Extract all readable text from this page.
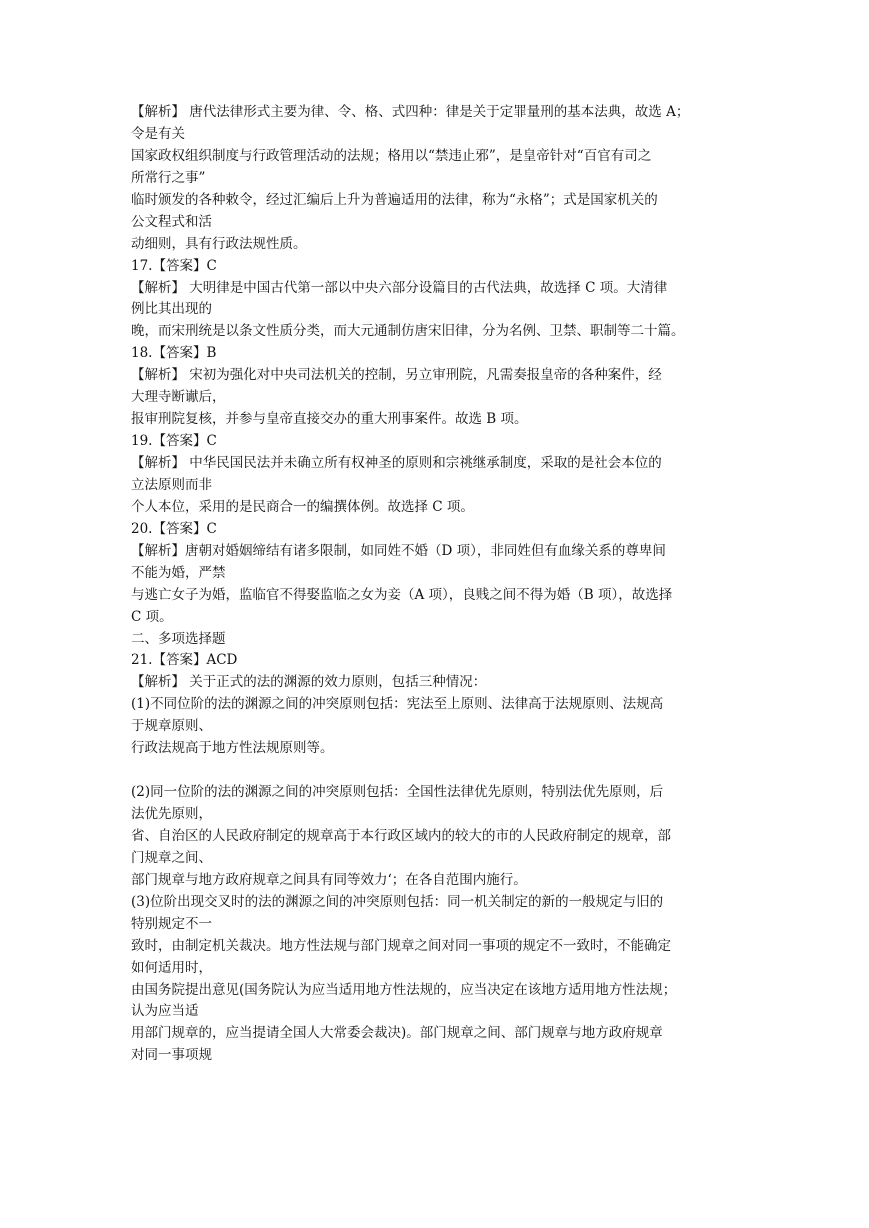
【解析】 唐代法律形式主要为律、令、格、式四种：律是关于定罪量刑的基本法典，故选 A；
令是有关
国家政权组织制度与行政管理活动的法规；格用以“禁违止邪”，是皇帝针对“百官有司之
所常行之事”
临时颁发的各种敕令，经过汇编后上升为普遍适用的法律，称为“永格”；式是国家机关的
公文程式和活
动细则，具有行政法规性质。
17.【答案】C
【解析】 大明律是中国古代第一部以中央六部分设篇目的古代法典，故选择 C 项。大清律
例比其出现的
晚，而宋刑统是以条文性质分类，而大元通制仿唐宋旧律，分为名例、卫禁、职制等二十篇。
18.【答案】B
【解析】 宋初为强化对中央司法机关的控制，另立审刑院，凡需奏报皇帝的各种案件，经
大理寺断谳后，
报审刑院复核，并参与皇帝直接交办的重大刑事案件。故选 B 项。
19.【答案】C
【解析】 中华民国民法并未确立所有权神圣的原则和宗祧继承制度，采取的是社会本位的
立法原则而非
个人本位，采用的是民商合一的编撰体例。故选择 C 项。
20.【答案】C
【解析】唐朝对婚姻缔结有诸多限制，如同姓不婚（D 项），非同姓但有血缘关系的尊卑间
不能为婚，严禁
与逃亡女子为婚，监临官不得娶监临之女为妾（A 项），良贱之间不得为婚（B 项），故选择
C 项。
二、多项选择题
21.【答案】ACD
【解析】 关于正式的法的渊源的效力原则，包括三种情况：
(1)不同位阶的法的渊源之间的冲突原则包括：宪法至上原则、法律高于法规原则、法规高
于规章原则、
行政法规高于地方性法规原则等。
(2)同一位阶的法的渊源之间的冲突原则包括：全国性法律优先原则，特别法优先原则，后
法优先原则，
省、自治区的人民政府制定的规章高于本行政区域内的较大的市的人民政府制定的规章，部
门规章之间、
部门规章与地方政府规章之间具有同等效力‘；在各自范围内施行。
(3)位阶出现交叉时的法的渊源之间的冲突原则包括：同一机关制定的新的一般规定与旧的
特别规定不一
致时，由制定机关裁决。地方性法规与部门规章之间对同一事项的规定不一致时，不能确定
如何适用时，
由国务院提出意见(国务院认为应当适用地方性法规的，应当决定在该地方适用地方性法规；
认为应当适
用部门规章的，应当提请全国人大常委会裁决)。部门规章之间、部门规章与地方政府规章
对同一事项规
